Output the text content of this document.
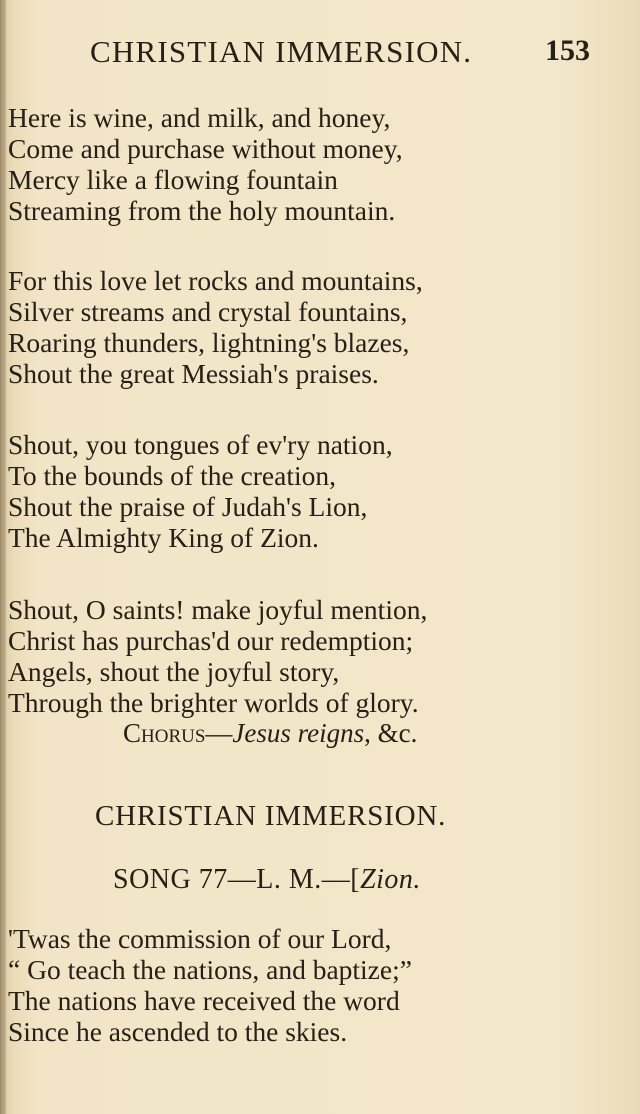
CHRISTIAN IMMERSION. 153
Here is wine, and milk, and honey,
Come and purchase without money,
Mercy like a flowing fountain
Streaming from the holy mountain.
For this love let rocks and mountains,
Silver streams and crystal fountains,
Roaring thunders, lightning's blazes,
Shout the great Messiah's praises.
Shout, you tongues of ev'ry nation,
To the bounds of the creation,
Shout the praise of Judah's Lion,
The Almighty King of Zion.
Shout, O saints! make joyful mention,
Christ has purchas'd our redemption;
Angels, shout the joyful story,
Through the brighter worlds of glory.
Chorus—Jesus reigns, &c.
CHRISTIAN IMMERSION.
SONG 77—L. M.—[Zion.
'Twas the commission of our Lord,
“ Go teach the nations, and baptize;”
The nations have received the word
Since he ascended to the skies.
